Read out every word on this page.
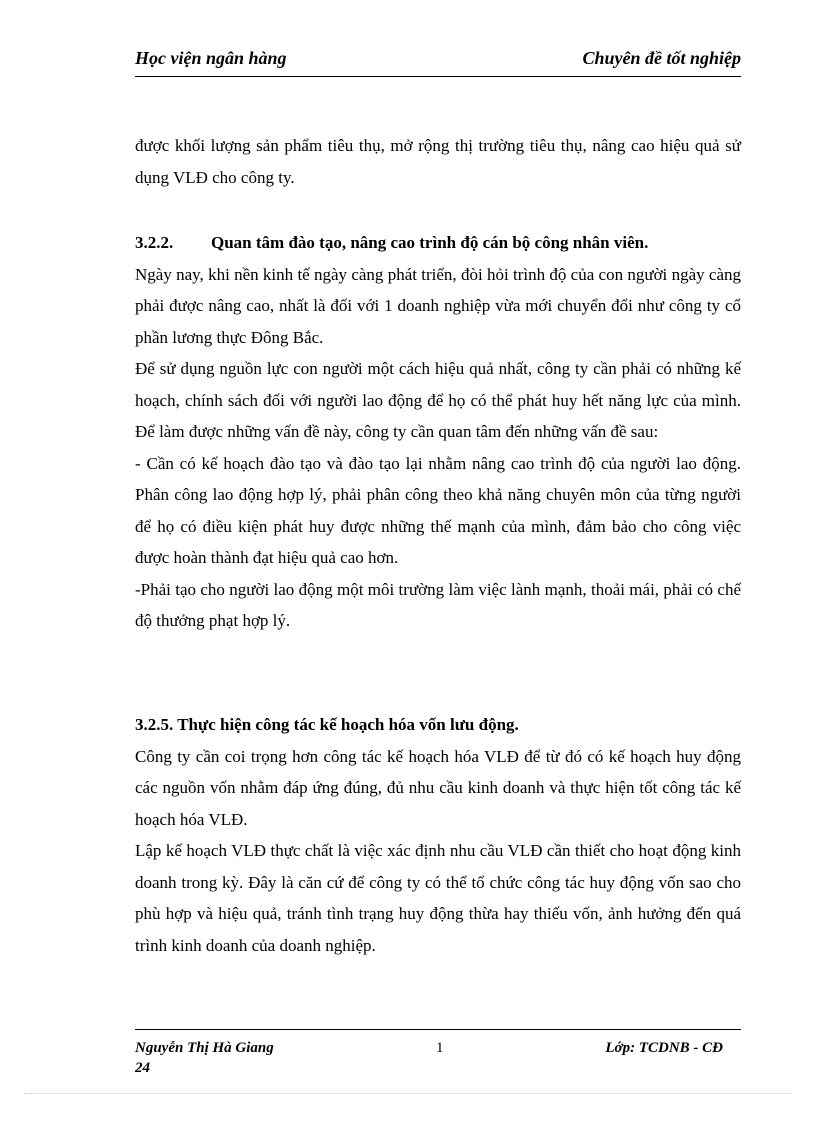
Học viện ngân hàng	Chuyên đề tốt nghiệp

được khối lượng sản phẩm tiêu thụ, mở rộng thị trường tiêu thụ, nâng cao hiệu quả sử dụng VLĐ cho công ty.

3.2.2. Quan tâm đào tạo, nâng cao trình độ cán bộ công nhân viên.

Ngày nay, khi nền kinh tế ngày càng phát triển, đòi hỏi trình độ của con người ngày càng phải được nâng cao, nhất là đối với 1 doanh nghiệp vừa mới chuyển đổi như công ty cổ phần lương thực Đông Bắc.

Để sử dụng nguồn lực con người một cách hiệu quả nhất, công ty cần phải có những kế hoạch, chính sách đối với người lao động để họ có thể phát huy hết năng lực của mình. Để làm được những vấn đề này, công ty cần quan tâm đến những vấn đề sau:

- Cần có kế hoạch đào tạo và đào tạo lại nhằm nâng cao trình độ của người lao động. Phân công lao động hợp lý, phải phân công theo khả năng chuyên môn của từng người để họ có điều kiện phát huy được những thế mạnh của mình, đảm bảo cho công việc được hoàn thành đạt hiệu quả cao hơn.

-Phải tạo cho người lao động một môi trường làm việc lành mạnh, thoải mái, phải có chế độ thưởng phạt hợp lý.

3.2.5. Thực hiện công tác kế hoạch hóa vốn lưu động.

Công ty cần coi trọng hơn công tác kế hoạch hóa VLĐ để từ đó có kế hoạch huy động các nguồn vốn nhằm đáp ứng đúng, đủ nhu cầu kinh doanh và thực hiện tốt công tác kế hoạch hóa VLĐ.

Lập kế hoạch VLĐ thực chất là việc xác định nhu cầu VLĐ cần thiết cho hoạt động kinh doanh trong kỳ. Đây là căn cứ để công ty có thể tổ chức công tác huy động vốn sao cho phù hợp và hiệu quả, tránh tình trạng huy động thừa hay thiếu vốn, ảnh hưởng đến quá trình kinh doanh của doanh nghiệp.

Nguyễn Thị Hà Giang	1	Lớp: TCDNB - CĐ
24
